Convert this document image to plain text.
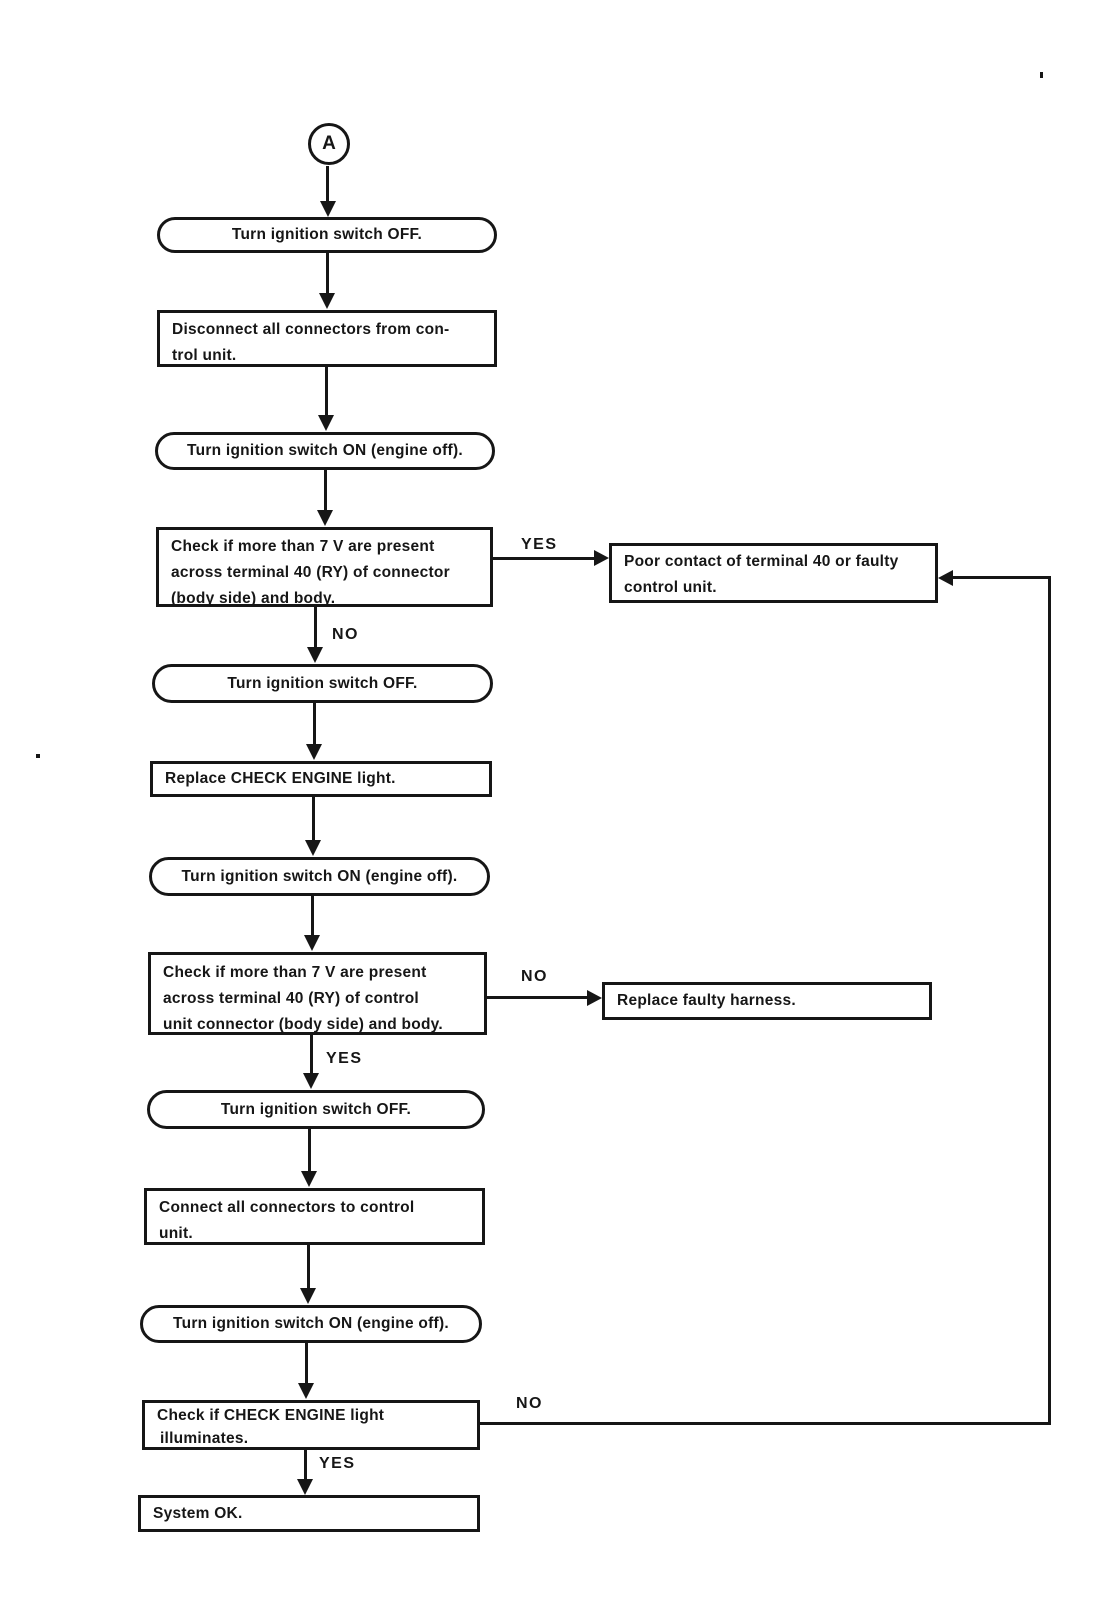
A
Turn ignition switch OFF.
Disconnect all connectors from con-
trol unit.
Turn ignition switch ON (engine off).
Check if more than 7 V are present
across terminal 40 (RY) of connector
(body side) and body.
YES
Poor contact of terminal 40 or faulty
control unit.
NO
Turn ignition switch OFF.
Replace CHECK ENGINE light.
Turn ignition switch ON (engine off).
Check if more than 7 V are present
across terminal 40 (RY) of control
unit connector (body side) and body.
NO
Replace faulty harness.
YES
Turn ignition switch OFF.
Connect all connectors to control
unit.
Turn ignition switch ON (engine off).
Check if CHECK ENGINE light
illuminates.
NO
YES
System OK.
